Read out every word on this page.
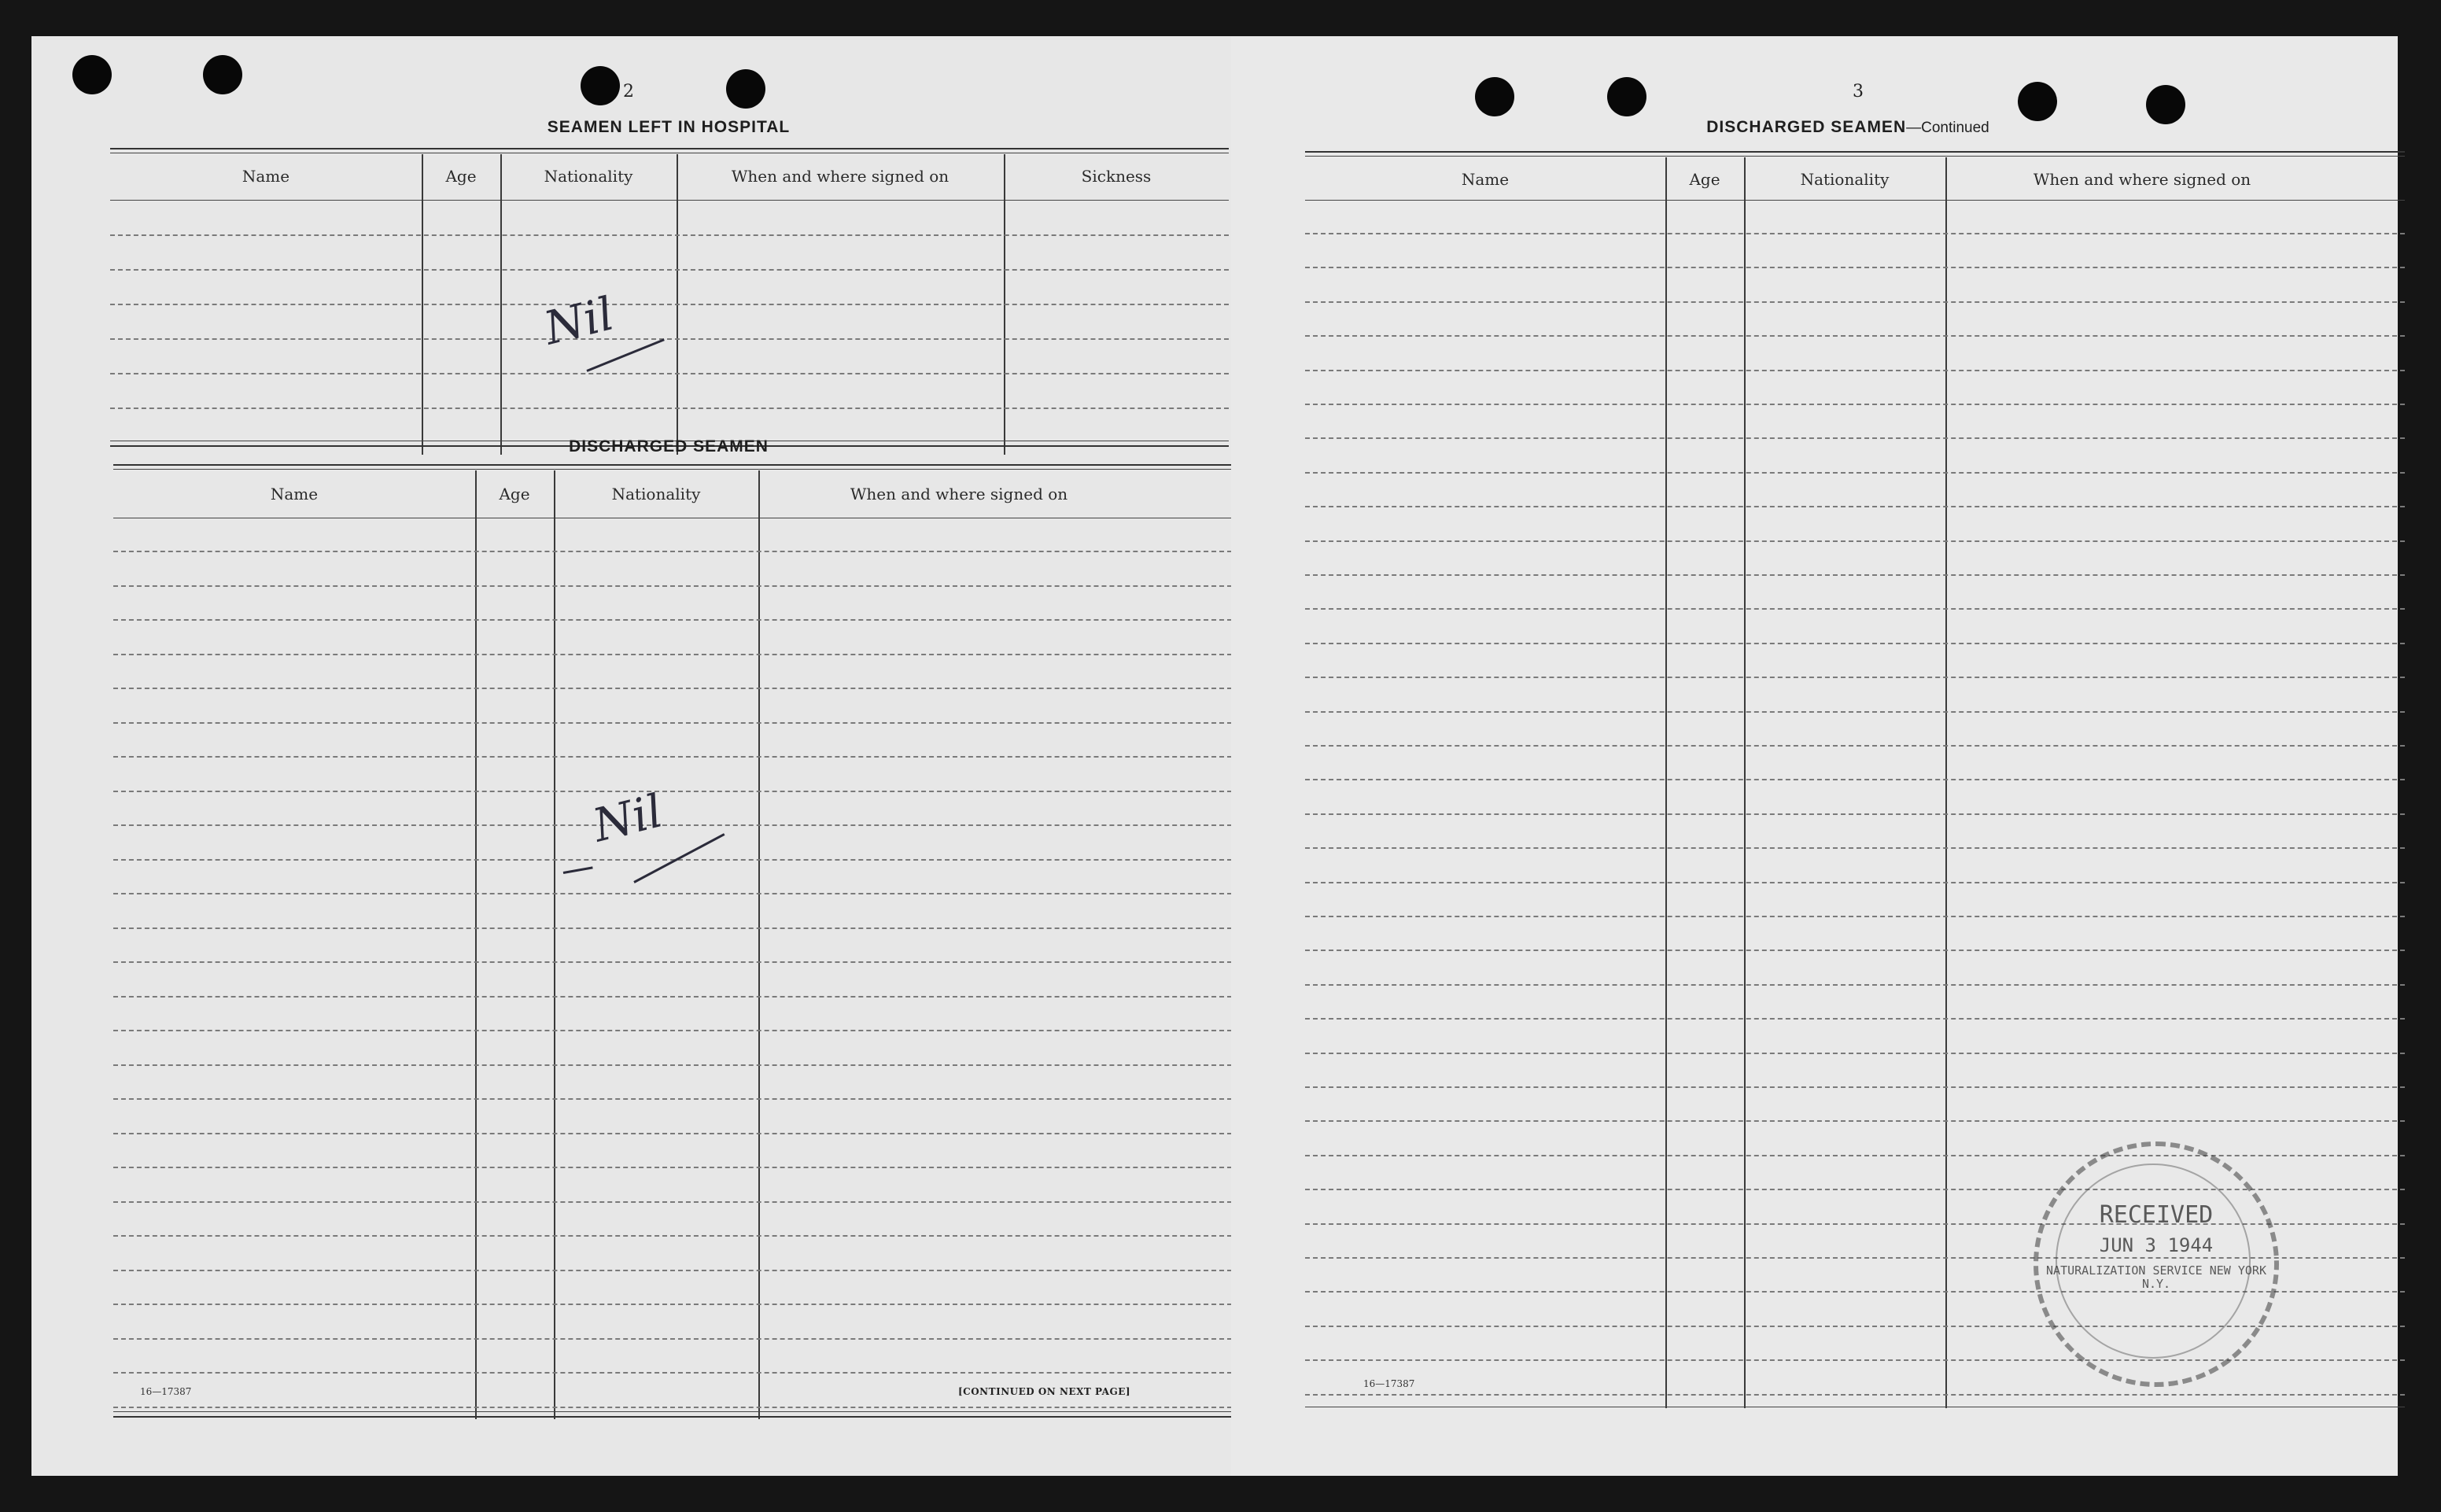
2
SEAMEN LEFT IN HOSPITAL
Name	Age	Nationality	When and where signed on	Sickness
Nil
DISCHARGED SEAMEN
Name	Age	Nationality	When and where signed on
Nil
16—17387	[CONTINUED ON NEXT PAGE]
3
DISCHARGED SEAMEN—Continued
Name	Age	Nationality	When and where signed on
16—17387
RECEIVED
JUN 3 1944
NATURALIZATION SERVICE NEW YORK N.Y.
